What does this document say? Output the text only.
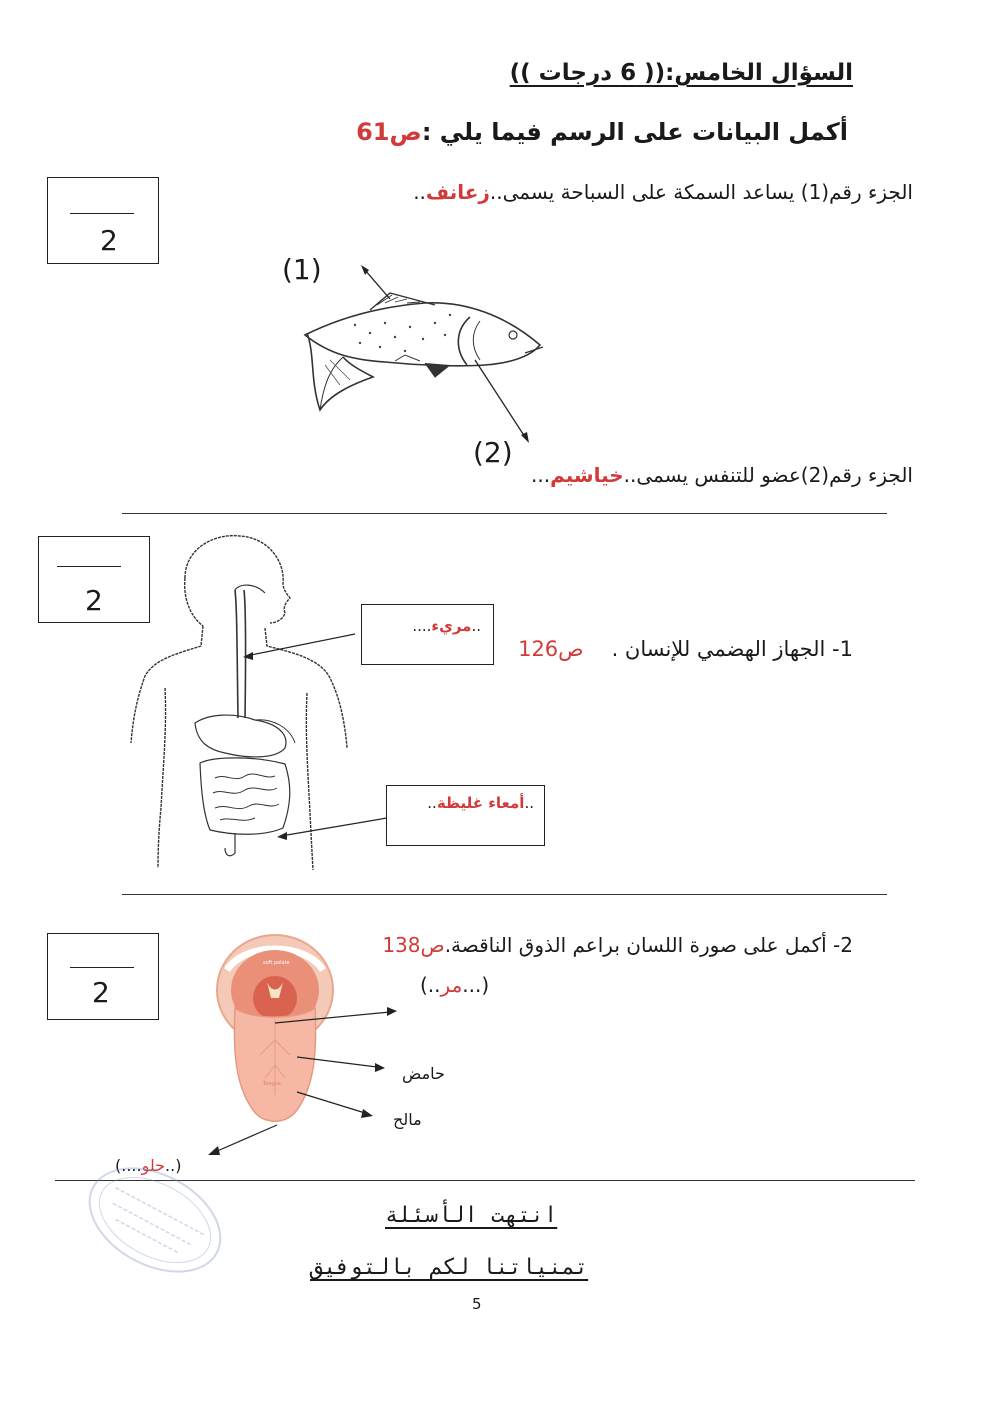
السؤال الخامس:(( 6 درجات ))
أكمل البيانات على الرسم فيما يلي :ص61
2
الجزء رقم(1) يساعد السمكة على السباحة يسمى..زعانف..
(1)
(2)
الجزء رقم(2)عضو للتنفس يسمى..خياشيم...
2
..مريء....
1- الجهاز الهضمي للإنسان .ص126
..أمعاء غليظة..
2
soft palate
Tongue
2- أكمل على صورة اللسان براعم الذوق الناقصة.ص138
(..مر...)
حامض
مالح
(....حلو..)
انتهت الأسئلة
تمنياتنا لكم بالتوفيق
5
